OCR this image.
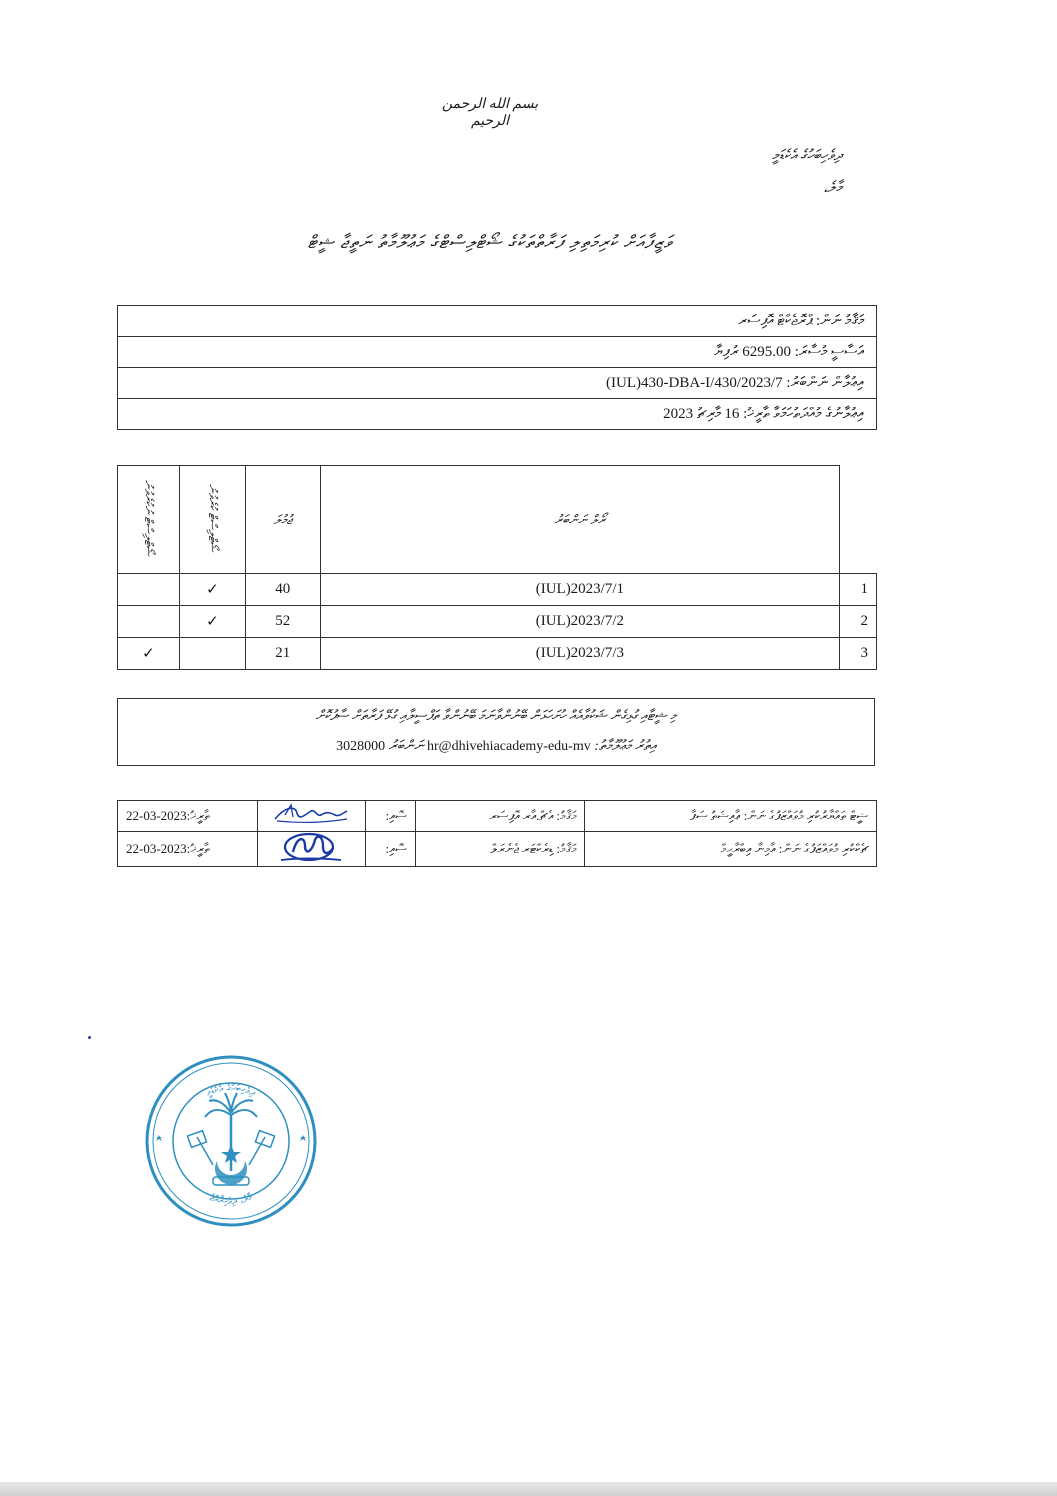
بسم الله الرحمن الرحيم
ދިވެހިބަހުގެ އެކެޑަމީ
މާލެ،
ވަޒީފާއަށް ކުރިމަތިލި ފަރާތްތަކުގެ ޝޯޓްލިސްޓްގެ މަޢުލޫމާތު ނަތީޖާ ޝީޓް
މަޤާމު ނަން: ޕްރޮޖެކްޓް އޮފިސަރ
އަސާސީ މުސާރަ: 6295.00 ރުފިޔާ
އިޢުލާން ނަންބަރު: (IUL)430-DBA-I/430/2023/7
އިޢުލާނުގެ މުއްދަތުހަމަވާ ތާރީޚު: 16 މާރިޗު 2023
ޝޯޓްލިސްޓް ނުކުރެވުނު	ޝޯޓްލިސްޓް ކުރެވުނު	ޖުމުލަ	ރޯލް ނަންބަރު	
	✓	40	(IUL)2023/7/1	1
	✓	52	(IUL)2023/7/2	2
✓		21	(IUL)2023/7/3	3
މި ޝީޓާއި ގުޅިގެން ޝަކުވާއެއް ހުށަހަޅަން ބޭނުންވާނަމަ ބޭނުންވާ ތަފްސީލާއި ގުޅޭ ފަރާތަށް ސާފުކޮށް
އިތުރު މަޢުލޫމާތު: hr@dhivehiacademy-edu-mv ނަންބަރު 3028000
22-03-2023:ތާރީޚު		ސޮއި:	މަޤާމު: އެޗް.އާރ އޮފިސަރ	ޝީޓް ތައްޔާރުކުރި މުވައްޒަފުގެ ނަން: ޢާއިޝަތު ސަފާ
22-03-2023:ތާރީޚު		ސޮއި:	މަޤާމު: ޑިރެކްޓަރ ޖެނެރަލް	ޗެކްކުރި މުވައްޒަފުގެ ނަން: އާމިނާ އިބްރާހީމް
ދިވެހިބަހުގެ އެކެޑަމީ
މާލެ، ދިވެހިރާއްޖެ
